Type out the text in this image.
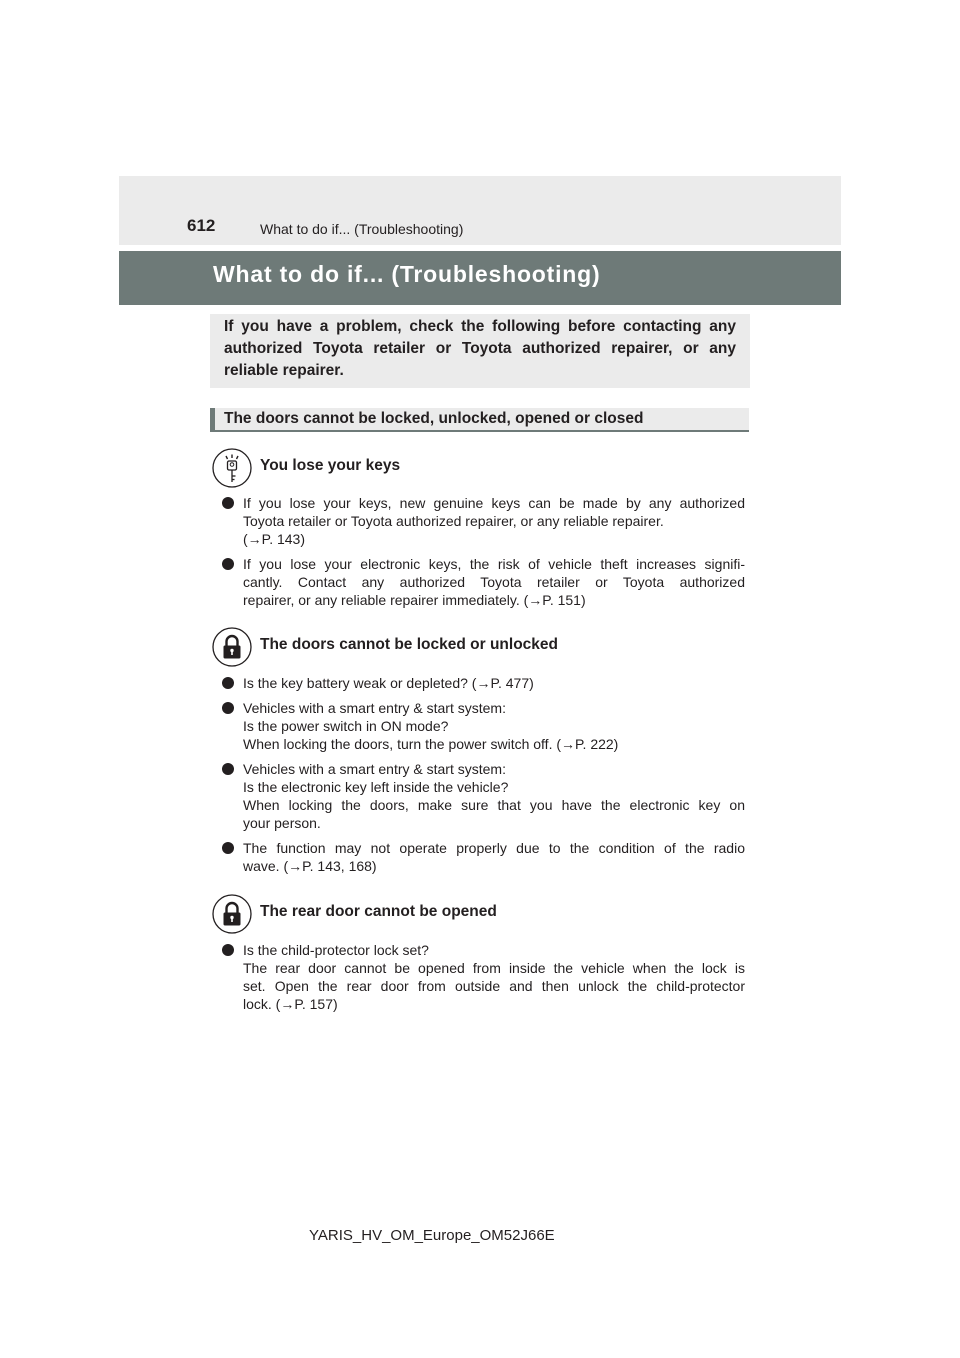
612	What to do if... (Troubleshooting)
What to do if... (Troubleshooting)

If you have a problem, check the following before contacting any authorized Toyota retailer or Toyota authorized repairer, or any reliable repairer.

The doors cannot be locked, unlocked, opened or closed
You lose your keys
If you lose your keys, new genuine keys can be made by any authorized
Toyota retailer or Toyota authorized repairer, or any reliable repairer.
(→P. 143)
If you lose your electronic keys, the risk of vehicle theft increases signifi-
cantly. Contact any authorized Toyota retailer or Toyota authorized
repairer, or any reliable repairer immediately. (→P. 151)
The doors cannot be locked or unlocked
Is the key battery weak or depleted? (→P. 477)
Vehicles with a smart entry & start system:
Is the power switch in ON mode?
When locking the doors, turn the power switch off. (→P. 222)
Vehicles with a smart entry & start system:
Is the electronic key left inside the vehicle?
When locking the doors, make sure that you have the electronic key on
your person.
The function may not operate properly due to the condition of the radio
wave. (→P. 143, 168)
The rear door cannot be opened
Is the child-protector lock set?
The rear door cannot be opened from inside the vehicle when the lock is
set. Open the rear door from outside and then unlock the child-protector
lock. (→P. 157)
YARIS_HV_OM_Europe_OM52J66E
